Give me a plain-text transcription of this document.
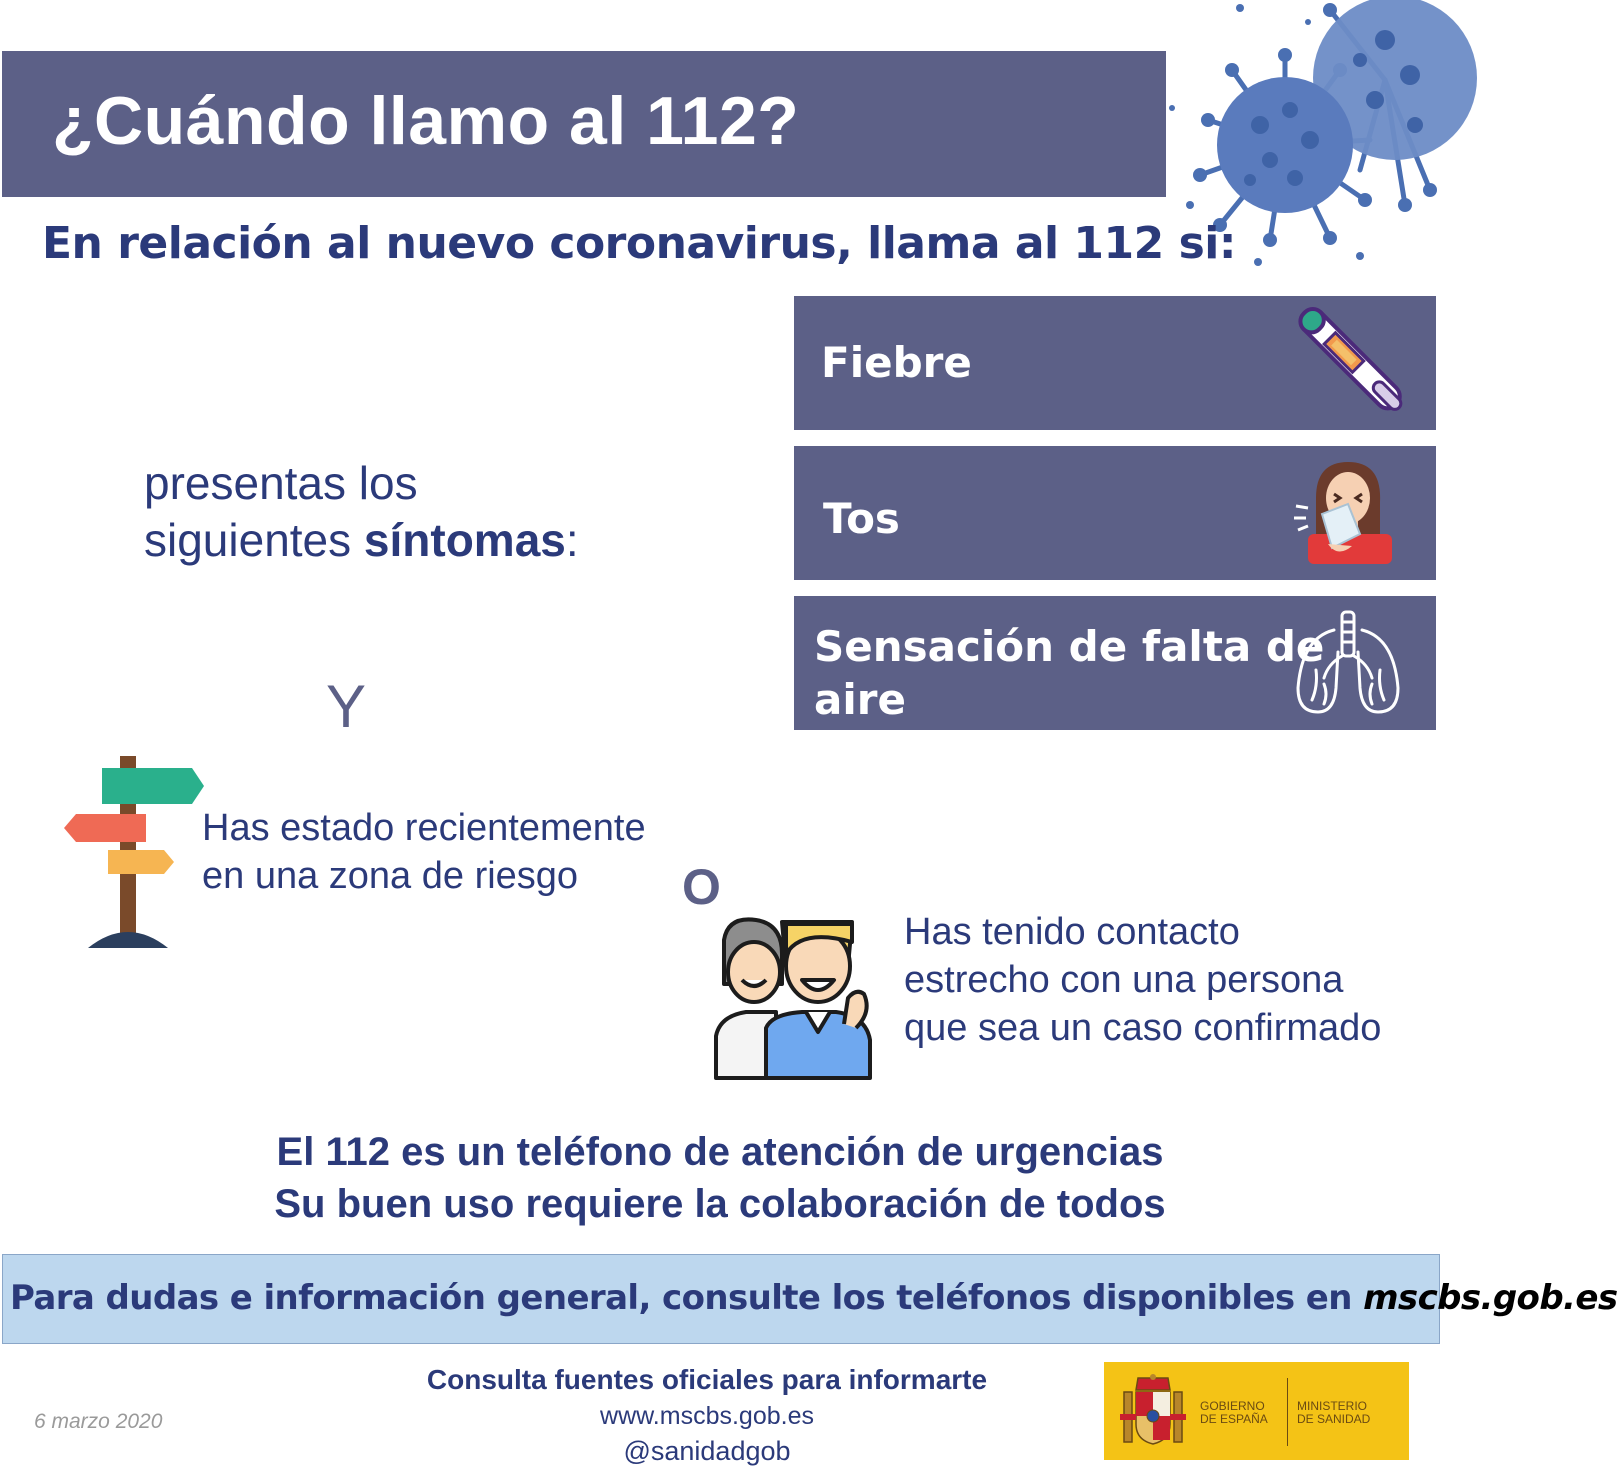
¿Cuándo llamo al 112?
En relación al nuevo coronavirus, llama al 112 si:
presentas los
siguientes síntomas:
Fiebre
Tos
Sensación de falta de
aire
Y
O
Has estado recientemente
en una zona de riesgo
Has tenido contacto
estrecho con una persona
que sea un caso confirmado
El 112 es un teléfono de atención de urgencias
Su buen uso requiere la colaboración de todos
Para dudas e información general, consulte los teléfonos disponibles en mscbs.gob.es
6 marzo 2020
Consulta fuentes oficiales para informarte
www.mscbs.gob.es
@sanidadgob
GOBIERNO
DE ESPAÑA
MINISTERIO
DE SANIDAD
